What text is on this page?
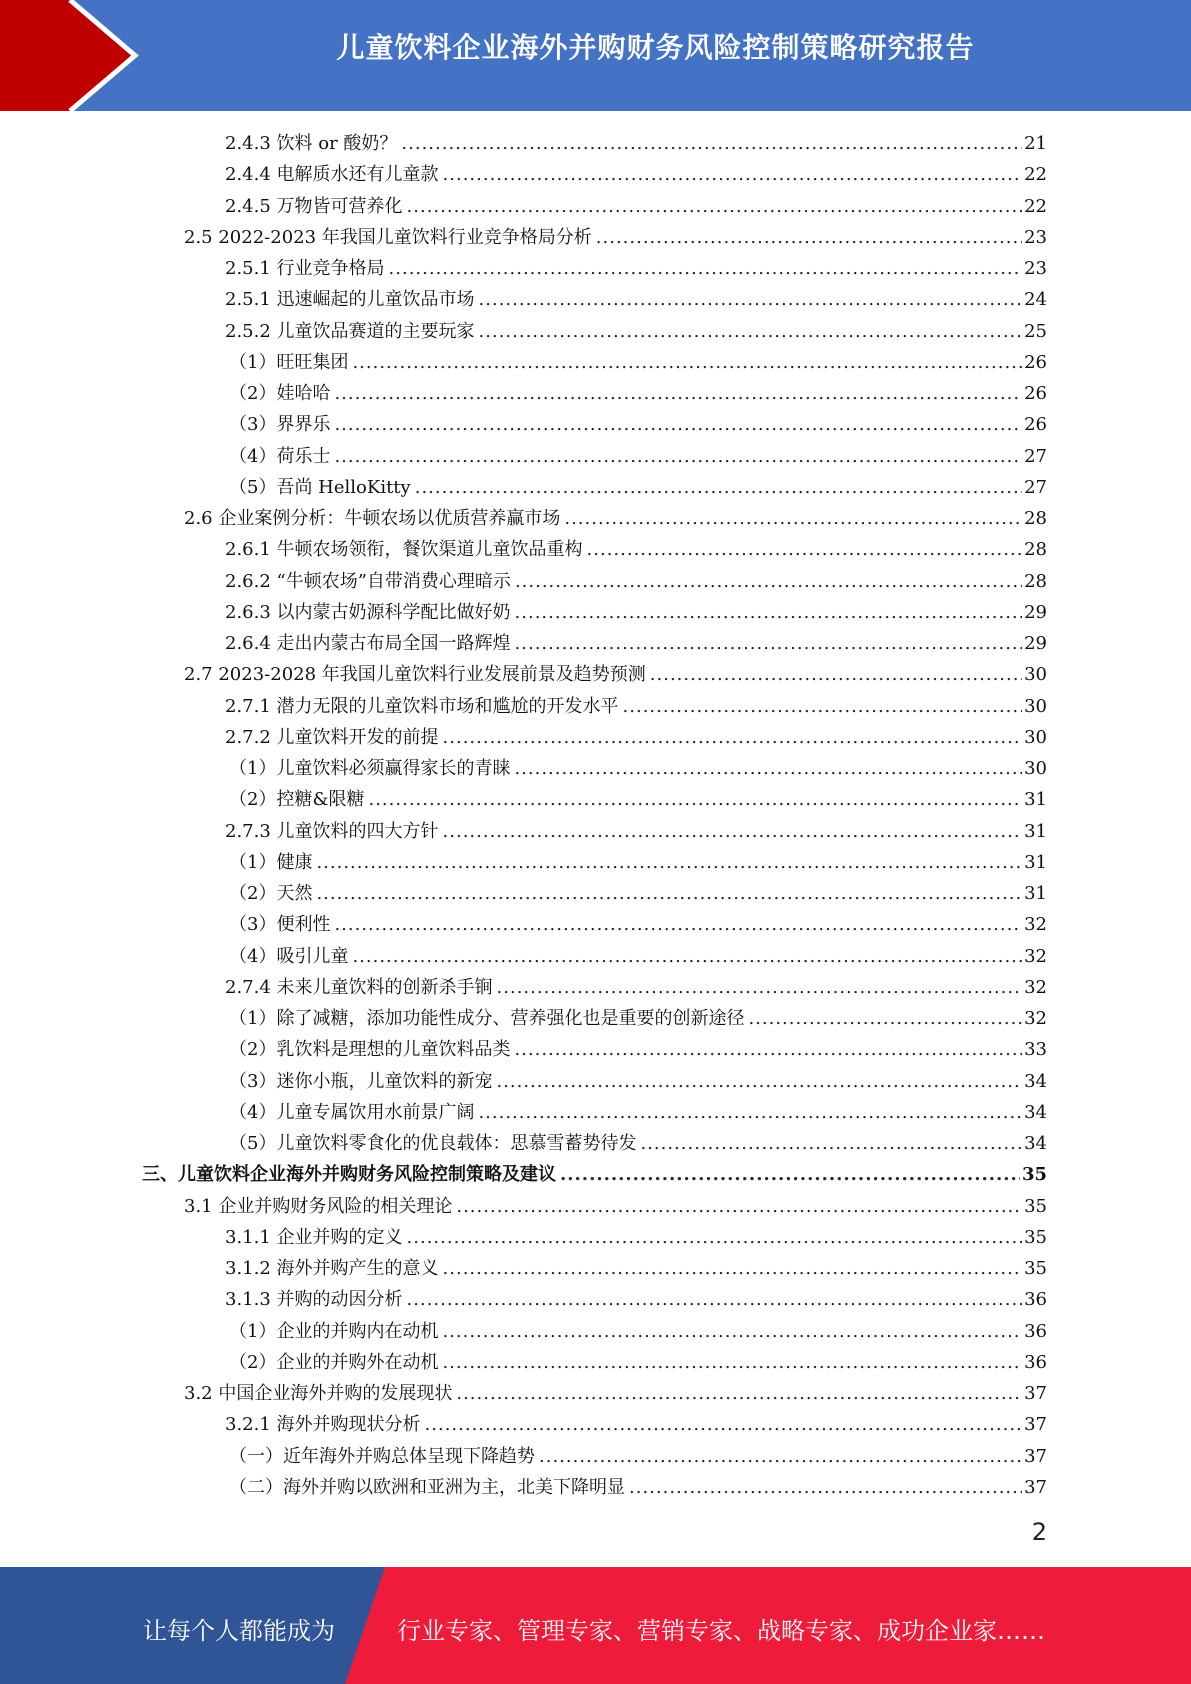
儿童饮料企业海外并购财务风险控制策略研究报告
2.4.3 饮料 or 酸奶？ .....	21
2.4.4 电解质水还有儿童款 .....	22
2.4.5 万物皆可营养化 .....	22
2.5 2022-2023 年我国儿童饮料行业竞争格局分析 .....	23
2.5.1 行业竞争格局 .....	23
2.5.1 迅速崛起的儿童饮品市场 .....	24
2.5.2 儿童饮品赛道的主要玩家 .....	25
（1）旺旺集团 .....	26
（2）娃哈哈 .....	26
（3）界界乐 .....	26
（4）荷乐士 .....	27
（5）吾尚 HelloKitty .....	27
2.6 企业案例分析：牛顿农场以优质营养赢市场 .....	28
2.6.1 牛顿农场领衔，餐饮渠道儿童饮品重构 .....	28
2.6.2 “牛顿农场”自带消费心理暗示 .....	28
2.6.3 以内蒙古奶源科学配比做好奶 .....	29
2.6.4 走出内蒙古布局全国一路辉煌 .....	29
2.7 2023-2028 年我国儿童饮料行业发展前景及趋势预测 .....	30
2.7.1 潜力无限的儿童饮料市场和尴尬的开发水平 .....	30
2.7.2 儿童饮料开发的前提 .....	30
（1）儿童饮料必须赢得家长的青睐 .....	30
（2）控糖&限糖 .....	31
2.7.3 儿童饮料的四大方针 .....	31
（1）健康 .....	31
（2）天然 .....	31
（3）便利性 .....	32
（4）吸引儿童 .....	32
2.7.4 未来儿童饮料的创新杀手锏 .....	32
（1）除了减糖，添加功能性成分、营养强化也是重要的创新途径 .....	32
（2）乳饮料是理想的儿童饮料品类 .....	33
（3）迷你小瓶，儿童饮料的新宠 .....	34
（4）儿童专属饮用水前景广阔 .....	34
（5）儿童饮料零食化的优良载体：思慕雪蓄势待发 .....	34
三、儿童饮料企业海外并购财务风险控制策略及建议 .....	35
3.1 企业并购财务风险的相关理论 .....	35
3.1.1 企业并购的定义 .....	35
3.1.2 海外并购产生的意义 .....	35
3.1.3 并购的动因分析 .....	36
（1）企业的并购内在动机 .....	36
（2）企业的并购外在动机 .....	36
3.2 中国企业海外并购的发展现状 .....	37
3.2.1 海外并购现状分析 .....	37
（一）近年海外并购总体呈现下降趋势 .....	37
（二）海外并购以欧洲和亚洲为主，北美下降明显 .....	37
2
让每个人都能成为	行业专家、管理专家、营销专家、战略专家、成功企业家……
